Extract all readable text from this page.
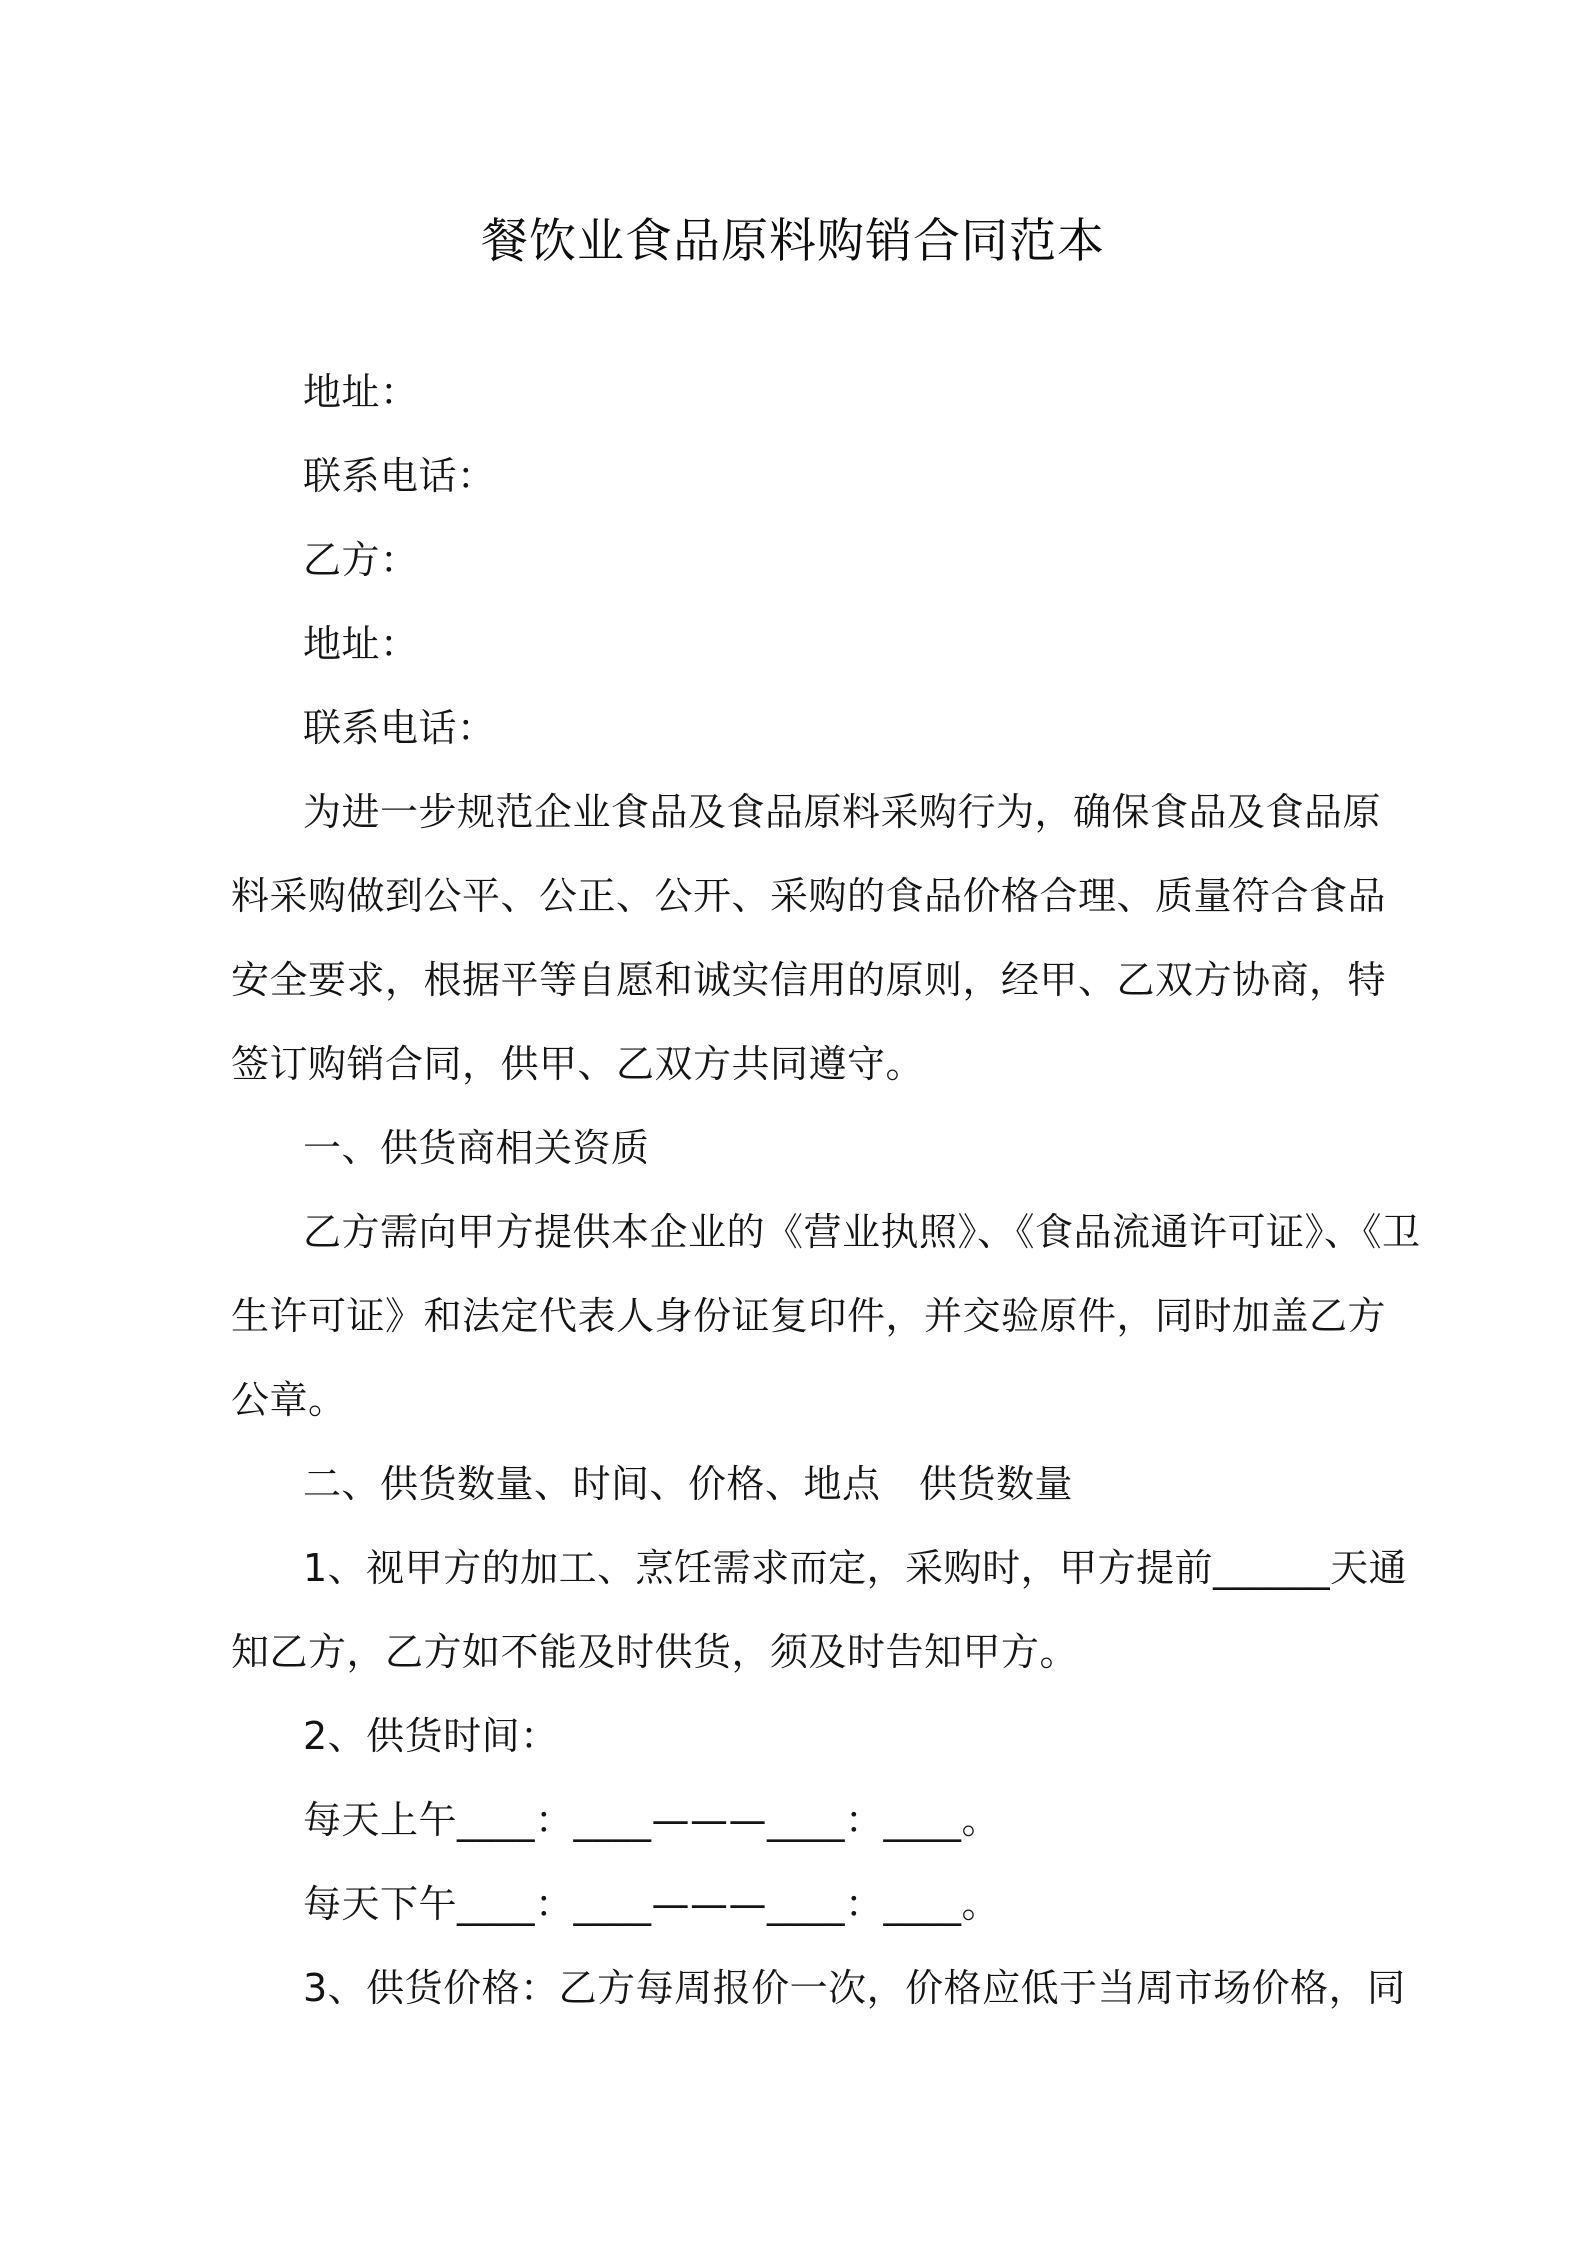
餐饮业食品原料购销合同范本
地址：
联系电话：
乙方：
地址：
联系电话：
为进一步规范企业食品及食品原料采购行为，确保食品及食品原
料采购做到公平、公正、公开、采购的食品价格合理、质量符合食品
安全要求，根据平等自愿和诚实信用的原则，经甲、乙双方协商，特
签订购销合同，供甲、乙双方共同遵守。
一、供货商相关资质
乙方需向甲方提供本企业的《营业执照》、《食品流通许可证》、《卫
生许可证》和法定代表人身份证复印件，并交验原件，同时加盖乙方
公章。
二、供货数量、时间、价格、地点　供货数量
1、视甲方的加工、烹饪需求而定，采购时，甲方提前______天通
知乙方，乙方如不能及时供货，须及时告知甲方。
2、供货时间：
每天上午____：____———____：____。
每天下午____：____———____：____。
3、供货价格：乙方每周报价一次，价格应低于当周市场价格，同
